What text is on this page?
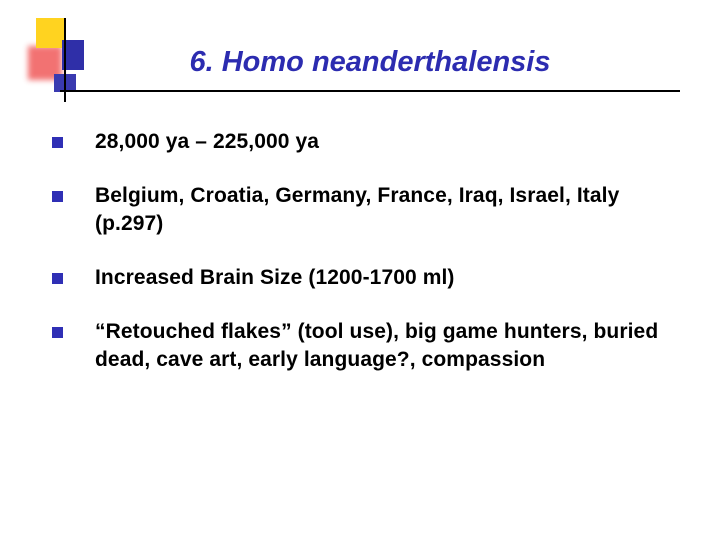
6. Homo neanderthalensis
28,000 ya – 225,000 ya
Belgium, Croatia, Germany, France, Iraq, Israel, Italy (p.297)
Increased Brain Size (1200-1700 ml)
“Retouched flakes” (tool use), big game hunters, buried dead, cave art, early language?, compassion
